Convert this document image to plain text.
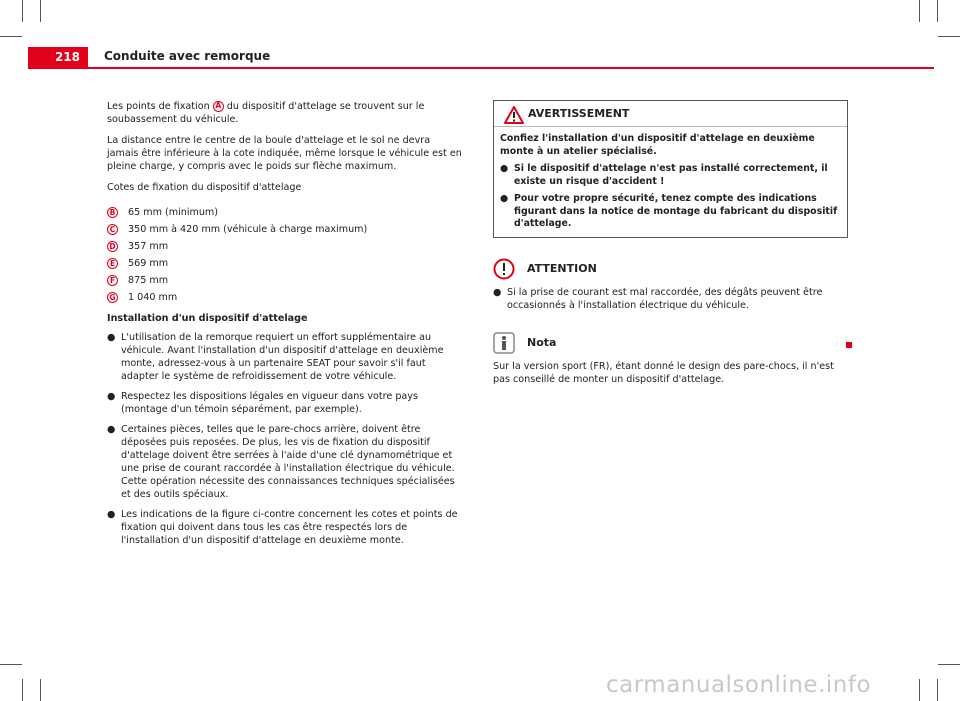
218	Conduite avec remorque

Les points de fixation A du dispositif d'attelage se trouvent sur le soubassement du véhicule.

La distance entre le centre de la boule d'attelage et le sol ne devra jamais être inférieure à la cote indiquée, même lorsque le véhicule est en pleine charge, y compris avec le poids sur flèche maximum.

Cotes de fixation du dispositif d'attelage

B 65 mm (minimum)
C 350 mm à 420 mm (véhicule à charge maximum)
D 357 mm
E	569 mm
F	875 mm
G 1 040 mm
Installation d'un dispositif d'attelage
● L'utilisation de la remorque requiert un effort supplémentaire au véhicule. Avant l'installation d'un dispositif d'attelage en deuxième monte, adressez-vous à un partenaire SEAT pour savoir s'il faut adapter le système de refroidissement de votre véhicule.
● Respectez les dispositions légales en vigueur dans votre pays (montage d'un témoin séparément, par exemple).
● Certaines pièces, telles que le pare-chocs arrière, doivent être déposées puis reposées. De plus, les vis de fixation du dispositif d'attelage doivent être serrées à l'aide d'une clé dynamométrique et une prise de courant raccordée à l'installation électrique du véhicule. Cette opération nécessite des connaissances techniques spécialisées et des outils spéciaux.
● Les indications de la figure ci-contre concernent les cotes et points de fixation qui doivent dans tous les cas être respectés lors de l'installation d'un dispositif d'attelage en deuxième monte.
AVERTISSEMENT

Confiez l'installation d'un dispositif d'attelage en deuxième monte à un atelier spécialisé.

● Si le dispositif d'attelage n'est pas installé correctement, il existe un risque d'accident !
● Pour votre propre sécurité, tenez compte des indications figurant dans la notice de montage du fabricant du dispositif d'attelage.
ATTENTION
● Si la prise de courant est mal raccordée, des dégâts peuvent être occasionnés à l'installation électrique du véhicule.
Nota

Sur la version sport (FR), étant donné le design des pare-chocs, il n'est pas conseillé de monter un dispositif d'attelage.

carmanualsonline.info
